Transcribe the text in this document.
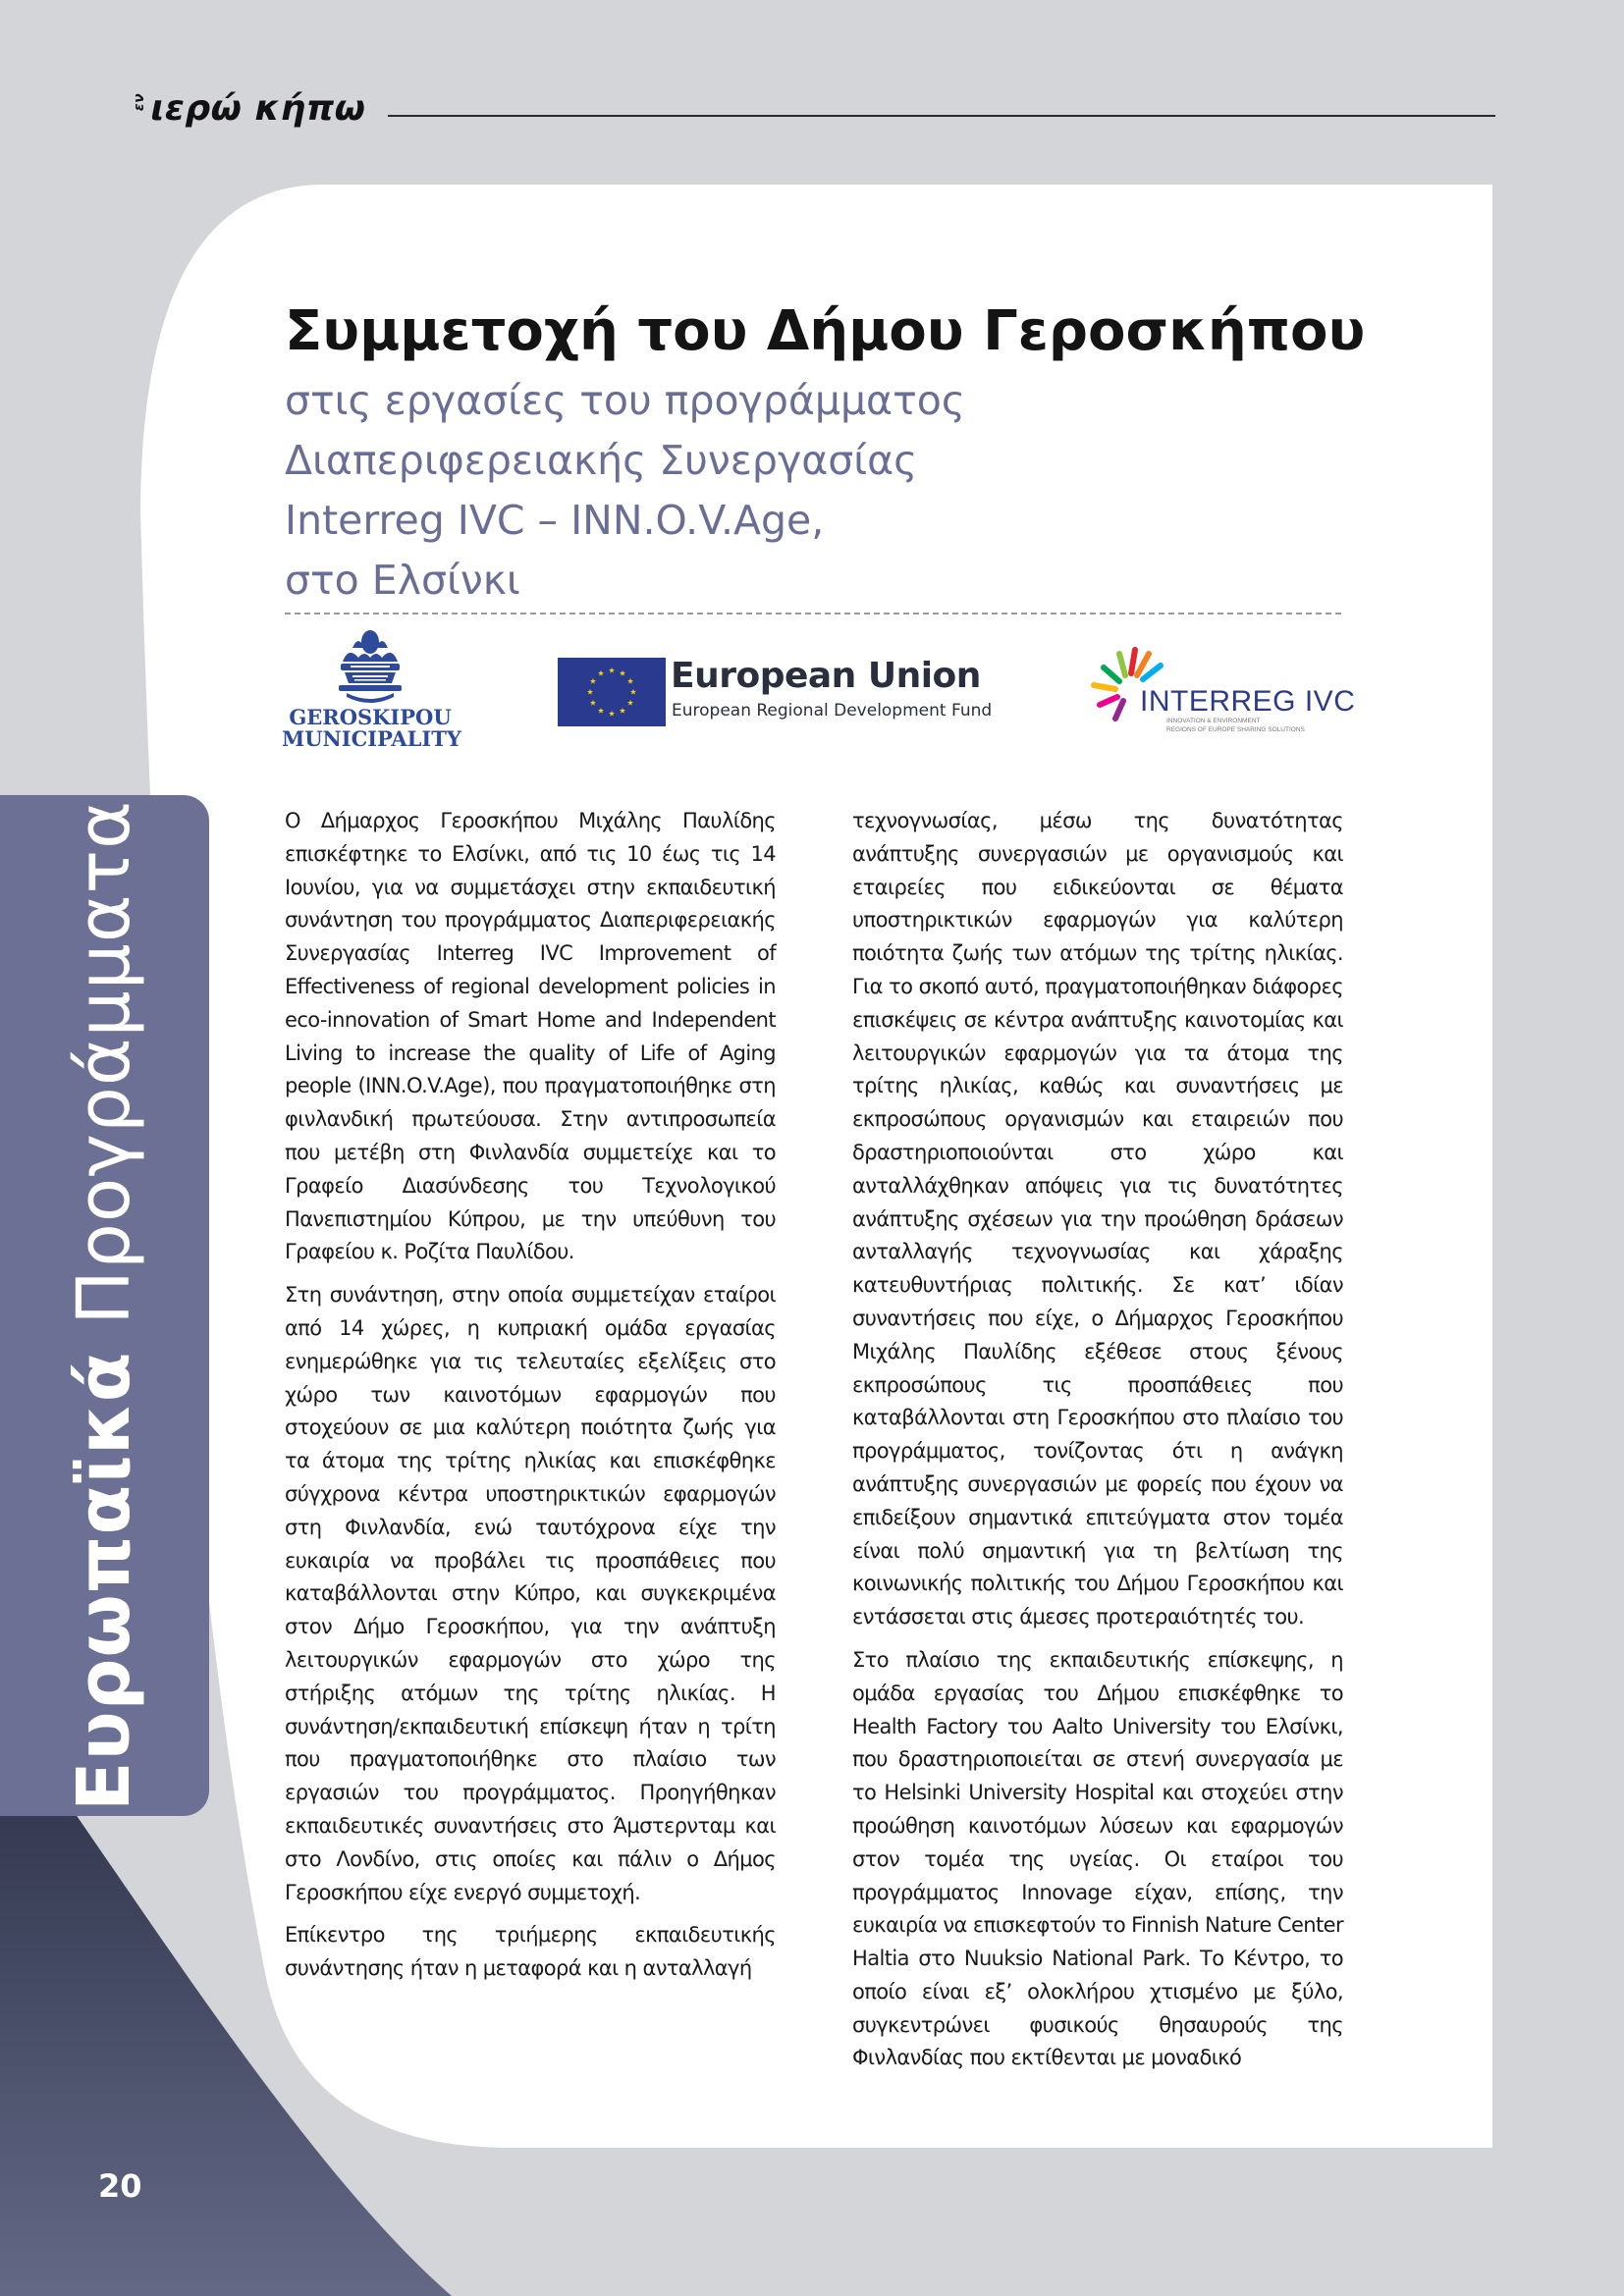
ενιερώ κήπω
Ευρωπαϊκά Προγράμματα
20
Συμμετοχή του Δήμου Γεροσκήπου
στις εργασίες του προγράμματος
Διαπεριφερειακής Συνεργασίας
Interreg IVC – INN.O.V.Age,
στο Ελσίνκι
GEROSKIPOU
MUNICIPALITY
European Union
European Regional Development Fund	INTERREG IVC
INNOVATION & ENVIRONMENT
REGIONS OF EUROPE SHARING SOLUTIONS

Ο Δήμαρχος Γεροσκήπου Μιχάλης Παυλίδης επισκέφτηκε το Ελσίνκι, από τις 10 έως τις 14 Ιουνίου, για να συμμετάσχει στην εκπαιδευτική συνάντηση του προγράμματος Διαπεριφερειακής Συνεργασίας Interreg IVC Improvement of Effectiveness of regional development policies in eco-innovation of Smart Home and Independent Living to increase the quality of Life of Aging people (INN.O.V.Age), που πραγματοποιήθηκε στη φινλανδική πρωτεύουσα. Στην αντιπροσωπεία που μετέβη στη Φινλανδία συμμετείχε και το Γραφείο Διασύνδεσης του Τεχνολογικού Πανεπιστημίου Κύπρου, με την υπεύθυνη του Γραφείου κ. Ροζίτα Παυλίδου.

Στη συνάντηση, στην οποία συμμετείχαν εταίροι από 14 χώρες, η κυπριακή ομάδα εργασίας ενημερώθηκε για τις τελευταίες εξελίξεις στο χώρο των καινοτόμων εφαρμογών που στοχεύουν σε μια καλύτερη ποιότητα ζωής για τα άτομα της τρίτης ηλικίας και επισκέφθηκε σύγχρονα κέντρα υποστηρικτικών εφαρμογών στη Φινλανδία, ενώ ταυτόχρονα είχε την ευκαιρία να προβάλει τις προσπάθειες που καταβάλλονται στην Κύπρο, και συγκεκριμένα στον Δήμο Γεροσκήπου, για την ανάπτυξη λειτουργικών εφαρμογών στο χώρο της στήριξης ατόμων της τρίτης ηλικίας. Η συνάντηση/εκπαιδευτική επίσκεψη ήταν η τρίτη που πραγματοποιήθηκε στο πλαίσιο των εργασιών του προγράμματος. Προηγήθηκαν εκπαιδευτικές συναντήσεις στο Άμστερνταμ και στο Λονδίνο, στις οποίες και πάλιν ο Δήμος Γεροσκήπου είχε ενεργό συμμετοχή.

Επίκεντρο της τριήμερης εκπαιδευτικής συνάντησης ήταν η μεταφορά και η ανταλλαγή

τεχνογνωσίας, μέσω της δυνατότητας ανάπτυξης συνεργασιών με οργανισμούς και εταιρείες που ειδικεύονται σε θέματα υποστηρικτικών εφαρμογών για καλύτερη ποιότητα ζωής των ατόμων της τρίτης ηλικίας. Για το σκοπό αυτό, πραγματοποιήθηκαν διάφορες επισκέψεις σε κέντρα ανάπτυξης καινοτομίας και λειτουργικών εφαρμογών για τα άτομα της τρίτης ηλικίας, καθώς και συναντήσεις με εκπροσώπους οργανισμών και εταιρειών που δραστηριοποιούνται στο χώρο και ανταλλάχθηκαν απόψεις για τις δυνατότητες ανάπτυξης σχέσεων για την προώθηση δράσεων ανταλλαγής τεχνογνωσίας και χάραξης κατευθυντήριας πολιτικής. Σε κατ’ ιδίαν συναντήσεις που είχε, ο Δήμαρχος Γεροσκήπου Μιχάλης Παυλίδης εξέθεσε στους ξένους εκπροσώπους τις προσπάθειες που καταβάλλονται στη Γεροσκήπου στο πλαίσιο του προγράμματος, τονίζοντας ότι η ανάγκη ανάπτυξης συνεργασιών με φορείς που έχουν να επιδείξουν σημαντικά επιτεύγματα στον τομέα είναι πολύ σημαντική για τη βελτίωση της κοινωνικής πολιτικής του Δήμου Γεροσκήπου και εντάσσεται στις άμεσες προτεραιότητές του.

Στο πλαίσιο της εκπαιδευτικής επίσκεψης, η ομάδα εργασίας του Δήμου επισκέφθηκε το Health Factory του Aalto University του Ελσίνκι, που δραστηριοποιείται σε στενή συνεργασία με το Helsinki University Hospital και στοχεύει στην προώθηση καινοτόμων λύσεων και εφαρμογών στον τομέα της υγείας. Οι εταίροι του προγράμματος Innovage είχαν, επίσης, την ευκαιρία να επισκεφτούν το Finnish Nature Center Haltia στο Nuuksio National Park. Το Κέντρο, το οποίο είναι εξ’ ολοκλήρου χτισμένο με ξύλο, συγκεντρώνει φυσικούς θησαυρούς της Φινλανδίας που εκτίθενται με μοναδικό
